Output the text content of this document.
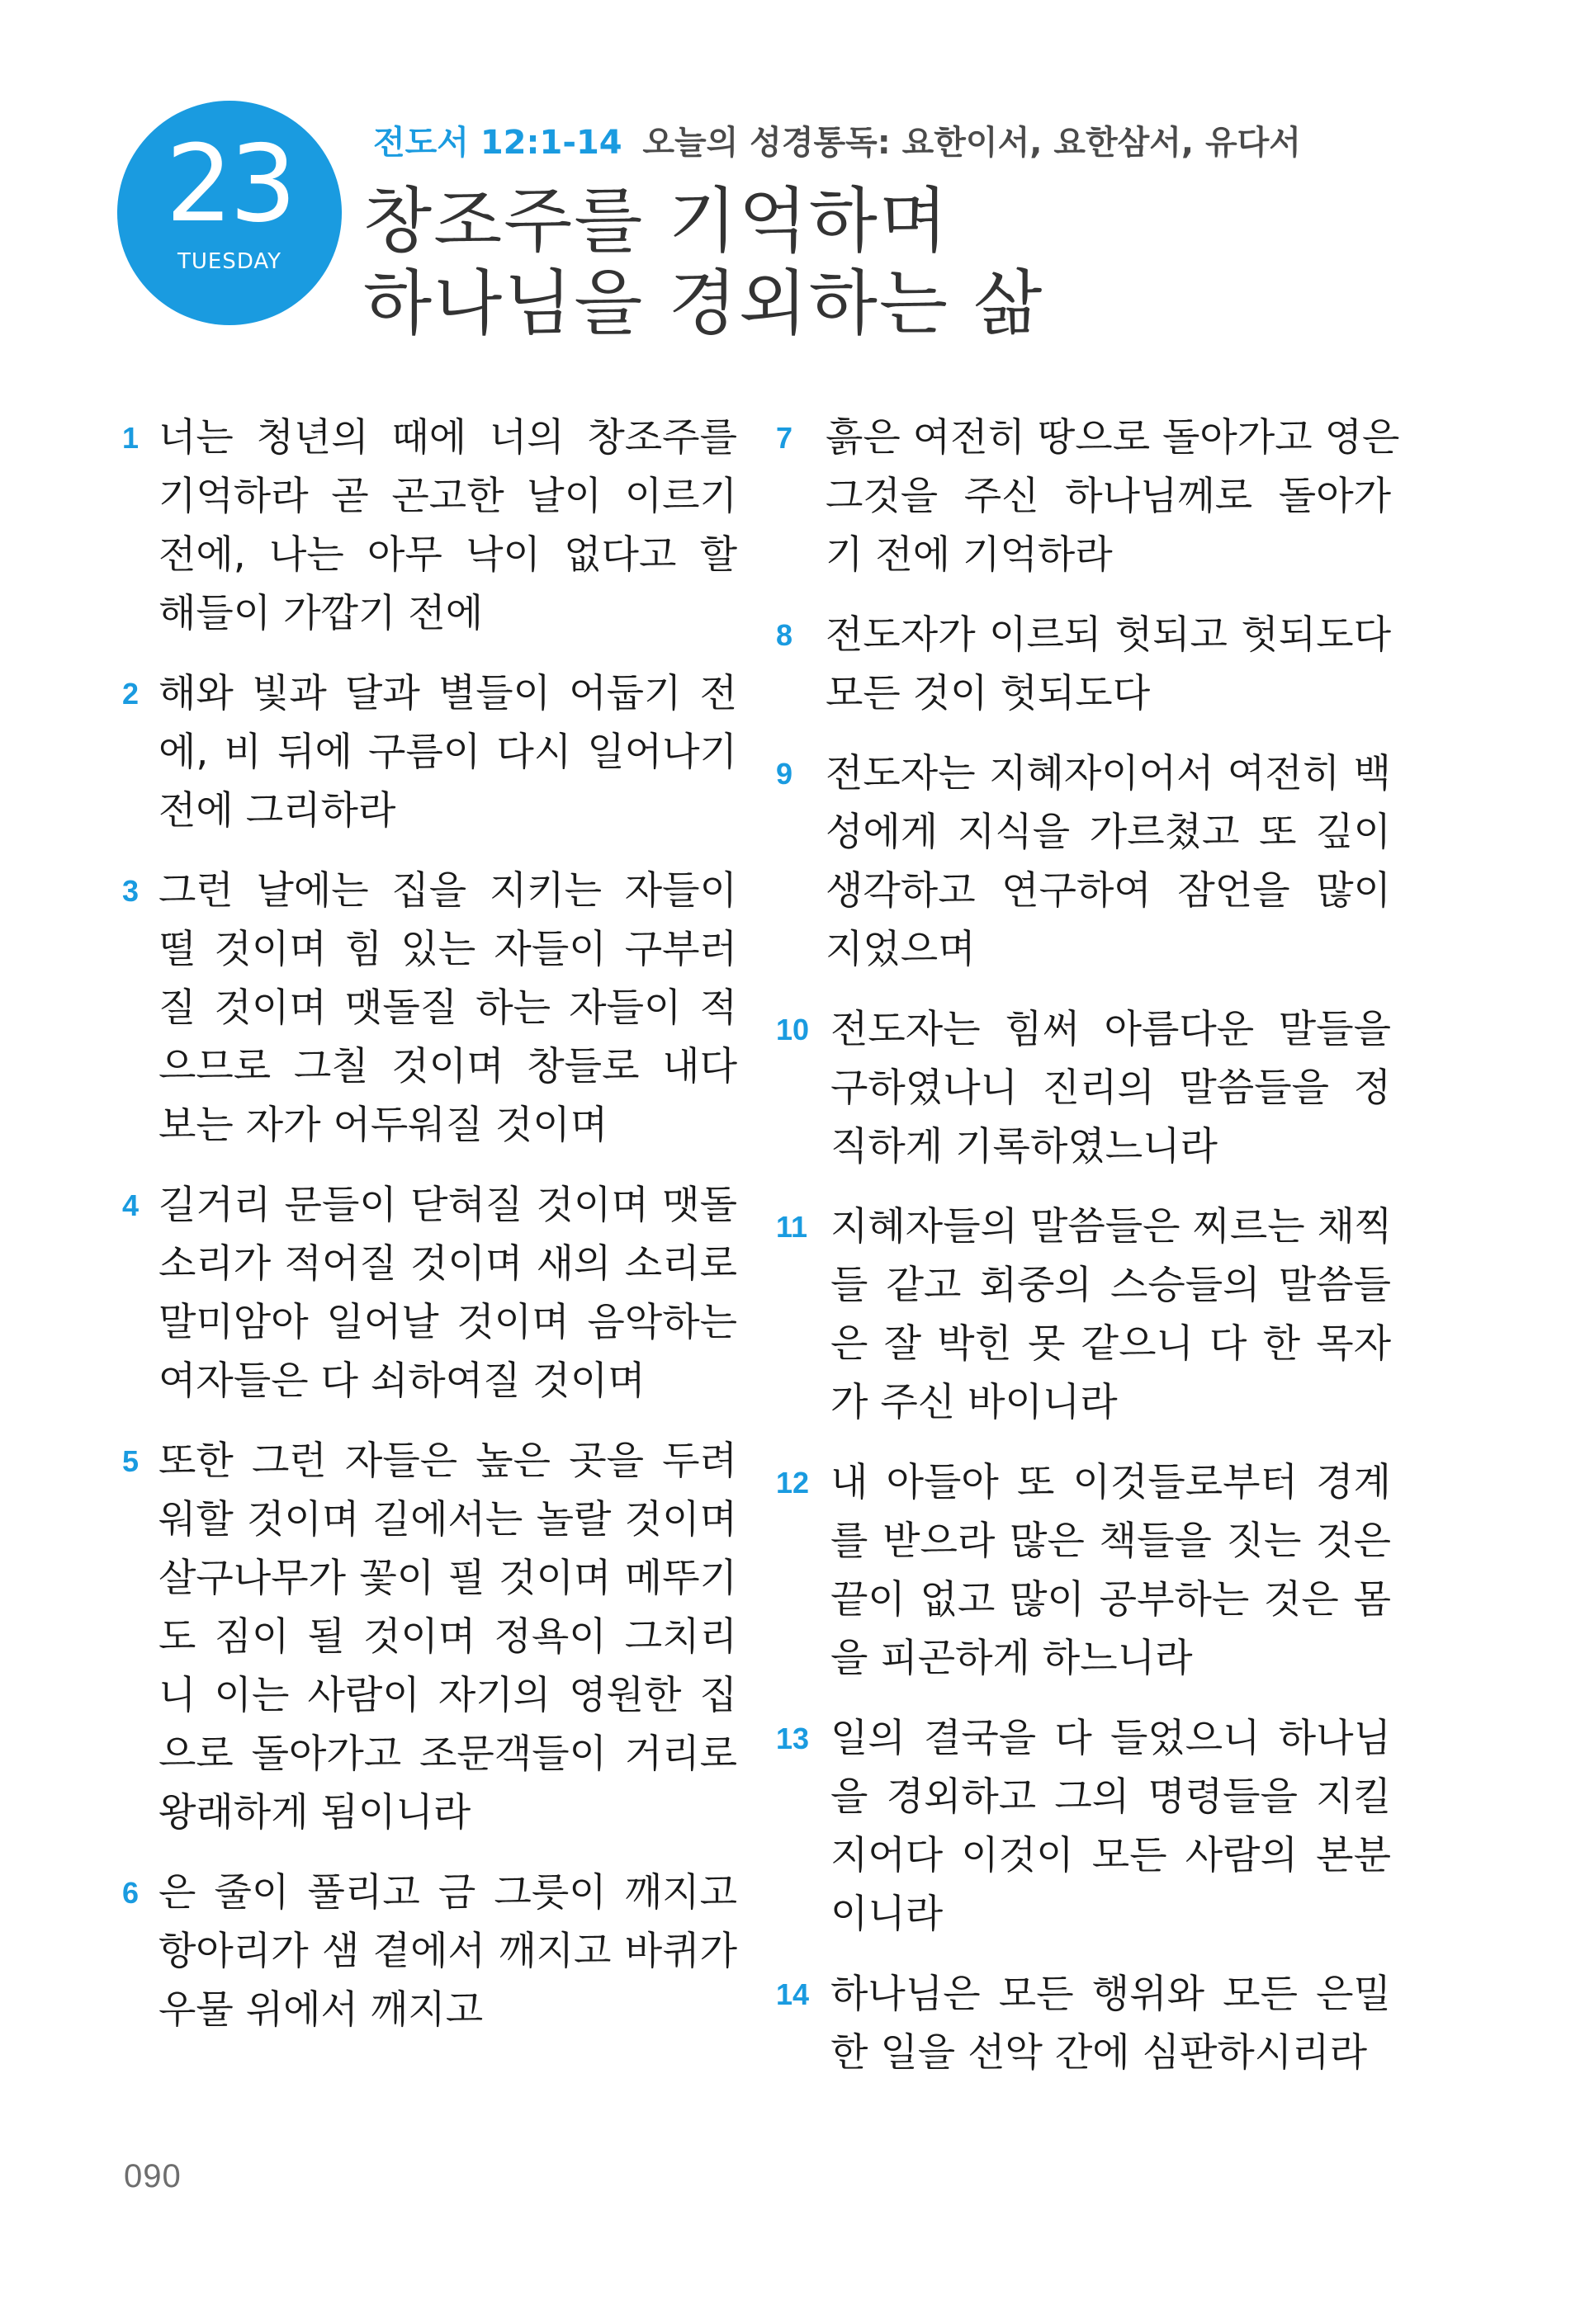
23
TUESDAY
전도서 12:1-14 오늘의 성경통독: 요한이서, 요한삼서, 유다서
창조주를 기억하며
하나님을 경외하는 삶
1 너는 청년의 때에 너의 창조주를
기억하라 곧 곤고한 날이 이르기
전에, 나는 아무 낙이 없다고 할
해들이 가깝기 전에
2 해와 빛과 달과 별들이 어둡기 전
에, 비 뒤에 구름이 다시 일어나기
전에 그리하라
3 그런 날에는 집을 지키는 자들이
떨 것이며 힘 있는 자들이 구부러
질 것이며 맷돌질 하는 자들이 적
으므로 그칠 것이며 창들로 내다
보는 자가 어두워질 것이며
4 길거리 문들이 닫혀질 것이며 맷돌
소리가 적어질 것이며 새의 소리로
말미암아 일어날 것이며 음악하는
여자들은 다 쇠하여질 것이며
5 또한 그런 자들은 높은 곳을 두려
워할 것이며 길에서는 놀랄 것이며
살구나무가 꽃이 필 것이며 메뚜기
도 짐이 될 것이며 정욕이 그치리
니 이는 사람이 자기의 영원한 집
으로 돌아가고 조문객들이 거리로
왕래하게 됨이니라
6 은 줄이 풀리고 금 그릇이 깨지고
항아리가 샘 곁에서 깨지고 바퀴가
우물 위에서 깨지고
7 흙은 여전히 땅으로 돌아가고 영은
그것을 주신 하나님께로 돌아가
기 전에 기억하라
8 전도자가 이르되 헛되고 헛되도다
모든 것이 헛되도다
9 전도자는 지혜자이어서 여전히 백
성에게 지식을 가르쳤고 또 깊이
생각하고 연구하여 잠언을 많이
지었으며
10 전도자는 힘써 아름다운 말들을
구하였나니 진리의 말씀들을 정
직하게 기록하였느니라
11 지혜자들의 말씀들은 찌르는 채찍
들 같고 회중의 스승들의 말씀들
은 잘 박힌 못 같으니 다 한 목자
가 주신 바이니라
12 내 아들아 또 이것들로부터 경계
를 받으라 많은 책들을 짓는 것은
끝이 없고 많이 공부하는 것은 몸
을 피곤하게 하느니라
13 일의 결국을 다 들었으니 하나님
을 경외하고 그의 명령들을 지킬
지어다 이것이 모든 사람의 본분
이니라
14 하나님은 모든 행위와 모든 은밀
한 일을 선악 간에 심판하시리라
090
